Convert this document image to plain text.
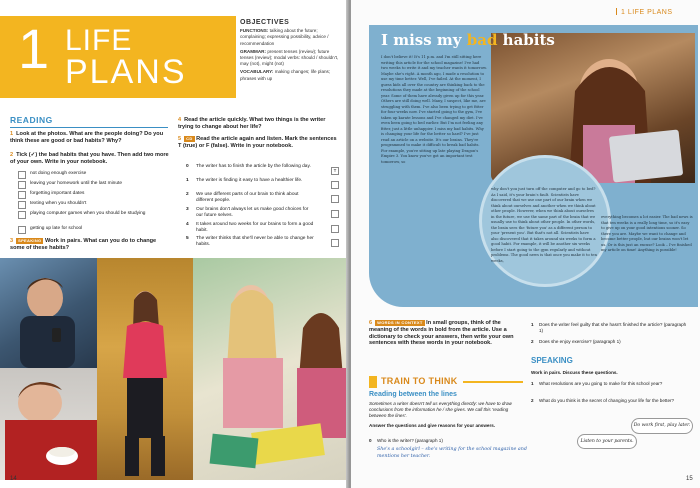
1 LIFE
PLANS
OBJECTIVES
FUNCTIONS: talking about the future; complaining; expressing possibility, advice / recommendation
GRAMMAR: present tenses (review); future tenses (review); modal verbs: should / shouldn't, may (not), might (not)
VOCABULARY: making changes; life plans; phrases with up
READING
1 Look at the photos. What are the people doing? Do you think these are good or bad habits? Why?
2 Tick (✓) the bad habits that you have. Then add two more of your own. Write in your notebook.
not doing enough exercise
leaving your homework until the last minute
forgetting important dates
texting when you shouldn't
playing computer games when you should be studying
getting up late for school
3 SPEAKING Work in pairs. What can you do to change some of these habits?
4 Read the article quickly. What two things is the writer trying to change about her life?
5 CD Read the article again and listen. Mark the sentences T (true) or F (false). Write in your notebook.
0	The writer has to finish the article by the following day.
T
1	The writer is finding it easy to have a healthier life.
2	We use different parts of our brain to think about different people.
3	Our brains don't always let us make good choices for our future selves.
4	It takes around two weeks for our brains to form a good habit.
5	The writer thinks that she'll never be able to change her habits.
14
1 LIFE PLANS
I miss my bad habits
I don't believe it! It's 11 p.m. and I'm still sitting here writing this article for the school magazine! I've had two weeks to write it and my teacher wants it tomorrow. Maybe she's right. A month ago, I made a resolution to use my time better. Well, I've failed. At the moment, I guess kids all over the country are thinking back to the resolutions they made at the beginning of the school year. Some of them have already given up for this year. Others are still doing well. Many, I suspect, like me, are struggling with them. I've also been trying to get fitter for four weeks now. I've started going to the gym, I've taken up karate lessons and I've changed my diet. I've even been going to bed earlier. But I'm not feeling any fitter, just a little unhappier. I miss my bad habits. Why is changing your life for the better so hard? I've just read an article on a website. It's our brains. They're programmed to make it difficult to break bad habits. For example, you're sitting up late playing Dragon's Empire 3. You know you've got an important test tomorrow, so
why don't you just turn off the computer and go to bed? As I said, it's your brain's fault. Scientists have discovered that we use one part of our brain when we think about ourselves and another when we think about other people. However, when we think about ourselves in the future, we use the same part of the brain that we usually use to think about other people. In other words, the brain sees the 'future you' as a different person to your 'present you'. But that's not all. Scientists have also discovered that it takes around six weeks to form a good habit. For example, it will be another six weeks before I start going to the gym regularly and without problems. The good news is that once you make it to ten weeks,
everything becomes a lot easier. The bad news is that ten weeks is a really long time, so it's easy to give up on your good intentions sooner. So there you are. Maybe we want to change and become better people, but our brains won't let us. Or is this just an excuse? Look – I've finished my article on time! Anything is possible!
6 WORDS IN CONTEXT In small groups, think of the meaning of the words in bold from the article. Use a dictionary to check your answers, then write your own sentences with these words in your notebook.
TRAIN TO THINK
Reading between the lines
Sometimes a writer doesn't tell us everything directly: we have to draw conclusions from the information he / she gives. We call this 'reading between the lines'.
Answer the questions and give reasons for your answers.
0	Who is the writer? (paragraph 1)
She's a schoolgirl – she's writing for the school magazine and mentions her teacher.
1	Does the writer feel guilty that she hasn't finished the article? (paragraph 1)
2	Does she enjoy exercise? (paragraph 1)
SPEAKING
Work in pairs. Discuss these questions.
1	What resolutions are you going to make for this school year?
2	What do you think is the secret of changing your life for the better?
Do work first, play later.
Listen to your parents.
15
